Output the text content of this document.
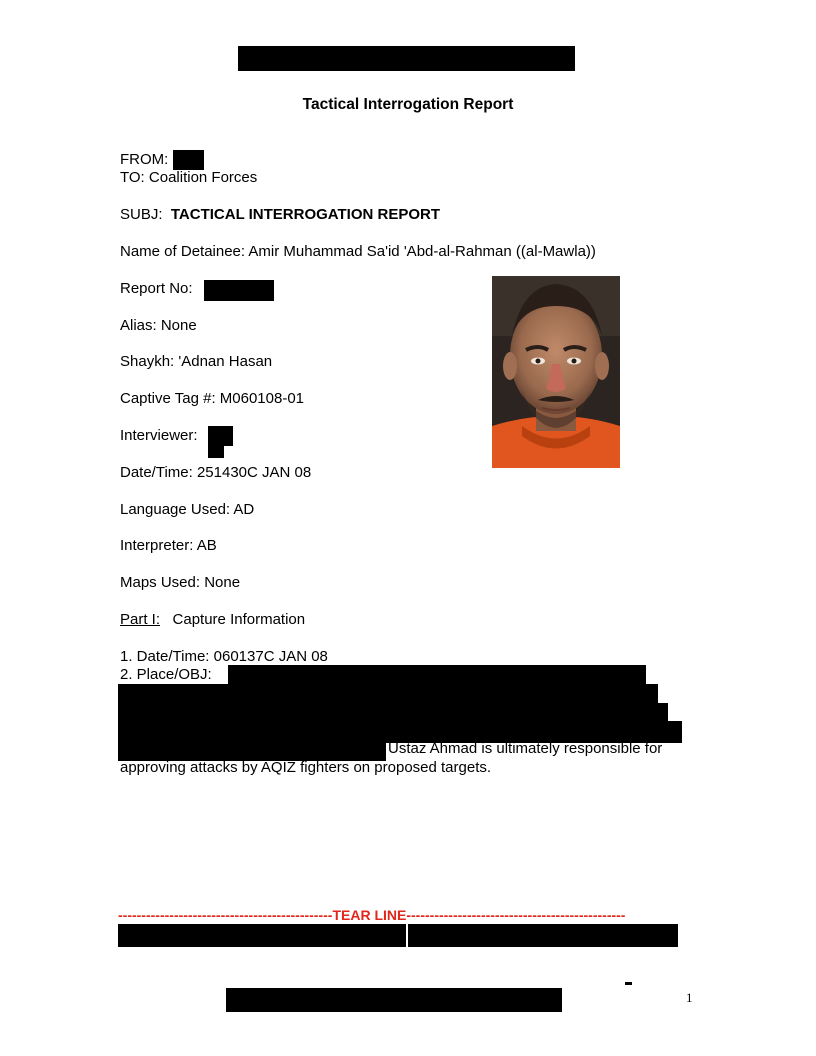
Tactical Interrogation Report
FROM:
TO: Coalition Forces
SUBJ: TACTICAL INTERROGATION REPORT
Name of Detainee: Amir Muhammad Sa'id 'Abd-al-Rahman ((al-Mawla))
Report No:
Alias: None
Shaykh: 'Adnan Hasan
Captive Tag #: M060108-01
Interviewer:
Date/Time: 251430C JAN 08
Language Used: AD
Interpreter: AB
Maps Used: None
Part I: Capture Information
1. Date/Time: 060137C JAN 08
2. Place/OBJ:
Ustaz Ahmad is ultimately responsible for
approving attacks by AQIZ fighters on proposed targets.
----------------------------------------------TEAR LINE-----------------------------------------------
1
